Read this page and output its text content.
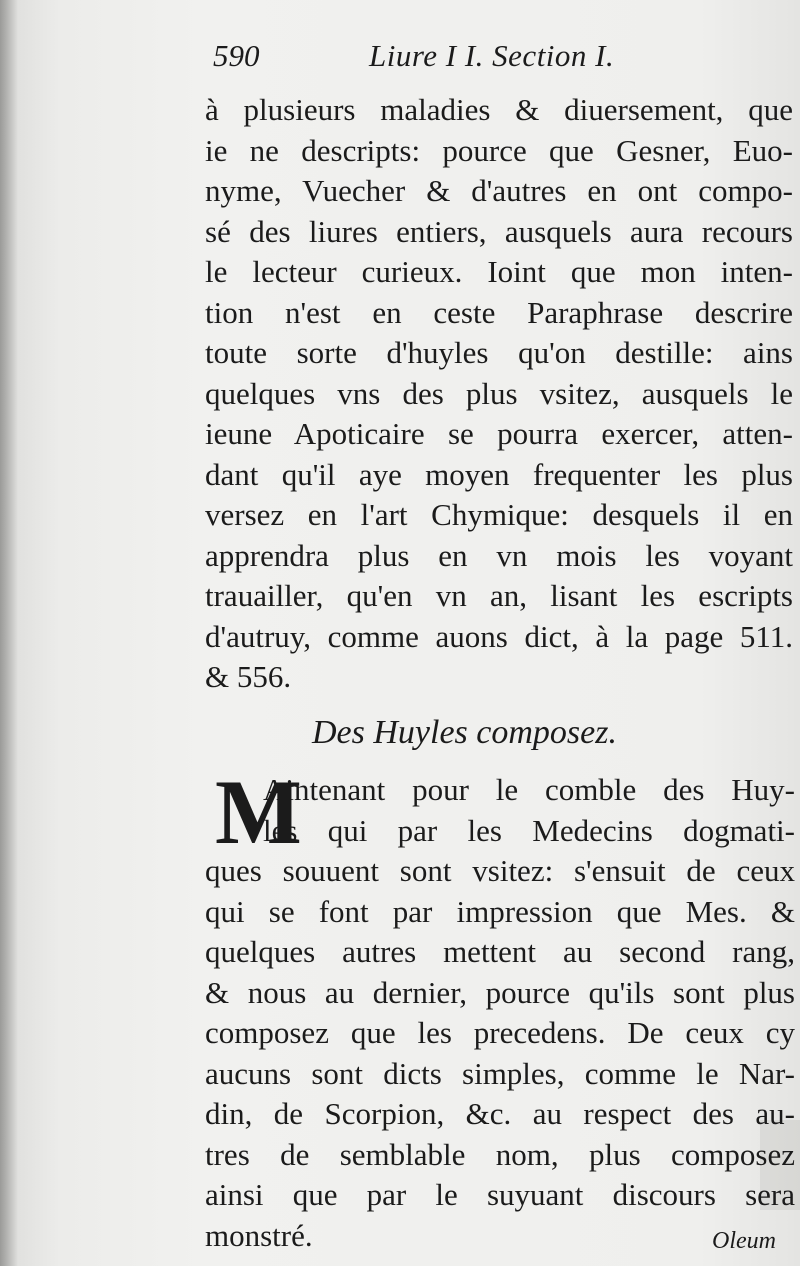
590	Liure I I. Section I.
à plusieurs maladies & diuersement, que
ie ne descripts: pource que Gesner, Euo-
nyme, Vuecher & d'autres en ont compo-
sé des liures entiers, ausquels aura recours
le lecteur curieux. Ioint que mon inten-
tion n'est en ceste Paraphrase descrire
toute sorte d'huyles qu'on destille: ains
quelques vns des plus vsitez, ausquels le
ieune Apoticaire se pourra exercer, atten-
dant qu'il aye moyen frequenter les plus
versez en l'art Chymique: desquels il en
apprendra plus en vn mois les voyant
trauailler, qu'en vn an, lisant les escripts
d'autruy, comme auons dict, à la page 511.
& 556.
Des Huyles composez.
M
Aintenant pour le comble des Huy-
les qui par les Medecins dogmati-
ques souuent sont vsitez: s'ensuit de ceux
qui se font par impression que Mes. &
quelques autres mettent au second rang,
& nous au dernier, pource qu'ils sont plus
composez que les precedens. De ceux cy
aucuns sont dicts simples, comme le Nar-
din, de Scorpion, &c. au respect des au-
tres de semblable nom, plus composez
ainsi que par le suyuant discours sera
monstré.	Oleum
